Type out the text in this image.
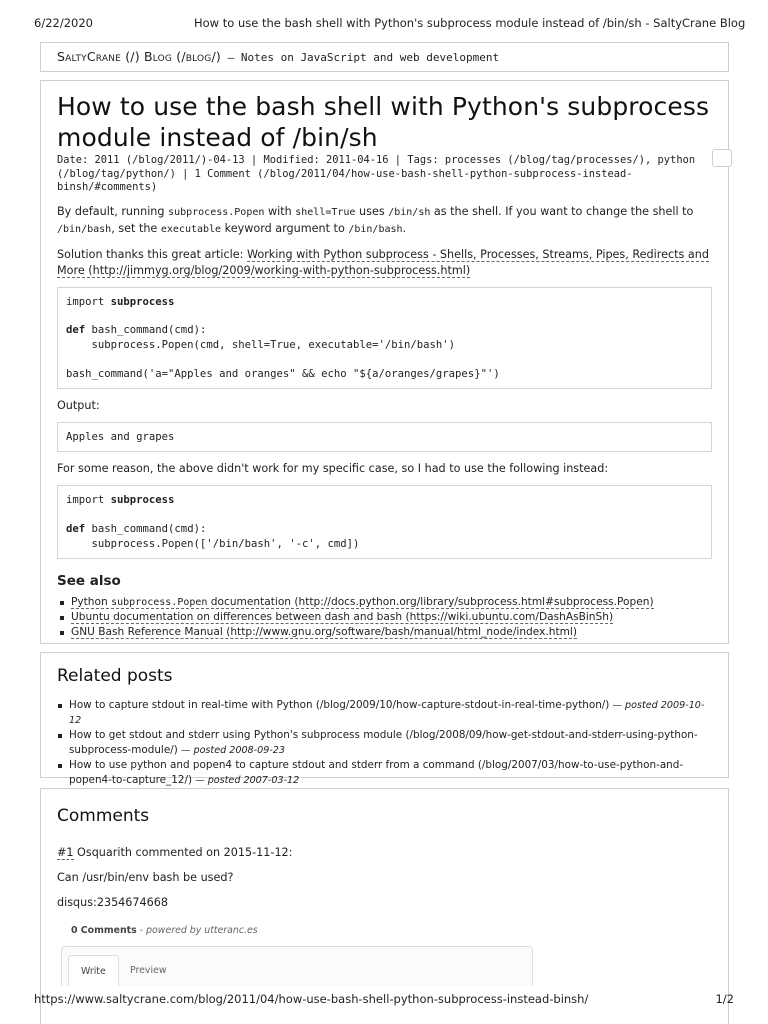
6/22/2020	How to use the bash shell with Python's subprocess module instead of /bin/sh - SaltyCrane Blog
SaltyCrane (/) Blog (/blog/) — Notes on JavaScript and web development
How to use the bash shell with Python's subprocess module instead of /bin/sh
Date: 2011 (/blog/2011/)-04-13 | Modified: 2011-04-16 | Tags: processes (/blog/tag/processes/), python (/blog/tag/python/) | 1 Comment (/blog/2011/04/how-use-bash-shell-python-subprocess-instead-binsh/#comments)

By default, running subprocess.Popen with shell=True uses /bin/sh as the shell. If you want to change the shell to /bin/bash, set the executable keyword argument to /bin/bash.

Solution thanks this great article: Working with Python subprocess - Shells, Processes, Streams, Pipes, Redirects and More (http://jimmyg.org/blog/2009/working-with-python-subprocess.html)

import subprocess

def bash_command(cmd):
subprocess.Popen(cmd, shell=True, executable='/bin/bash')

bash_command('a="Apples and oranges" && echo "${a/oranges/grapes}"')

Output:

Apples and grapes

For some reason, the above didn't work for my specific case, so I had to use the following instead:

import subprocess

def bash_command(cmd):
subprocess.Popen(['/bin/bash', '-c', cmd])
See also
Python subprocess.Popen documentation (http://docs.python.org/library/subprocess.html#subprocess.Popen)
Ubuntu documentation on differences between dash and bash (https://wiki.ubuntu.com/DashAsBinSh)
GNU Bash Reference Manual (http://www.gnu.org/software/bash/manual/html_node/index.html)
Related posts
How to capture stdout in real-time with Python (/blog/2009/10/how-capture-stdout-in-real-time-python/) — posted 2009-10-12
How to get stdout and stderr using Python's subprocess module (/blog/2008/09/how-get-stdout-and-stderr-using-python-subprocess-module/) — posted 2008-09-23
How to use python and popen4 to capture stdout and stderr from a command (/blog/2007/03/how-to-use-python-and-popen4-to-capture_12/) — posted 2007-03-12
Comments

#1 Osquarith commented on 2015-11-12:

Can /usr/bin/env bash be used?

disqus:2354674668

0 Comments - powered by utteranc.es
Write	Preview
https://www.saltycrane.com/blog/2011/04/how-use-bash-shell-python-subprocess-instead-binsh/	1/2
